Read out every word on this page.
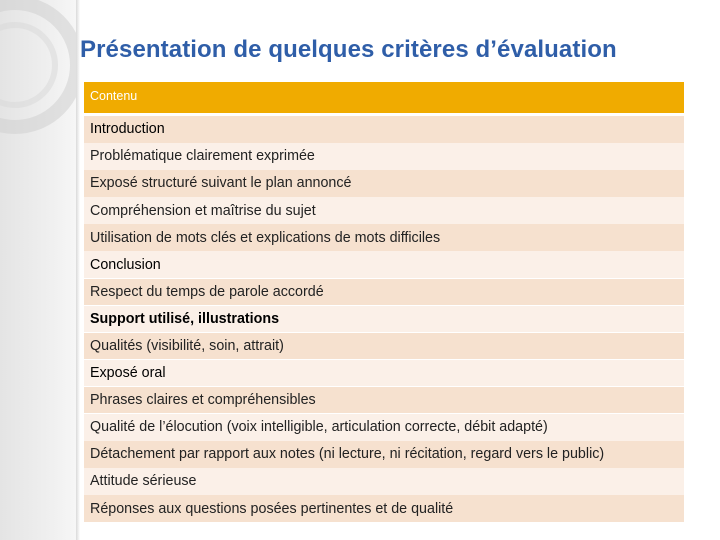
Présentation de quelques critères d’évaluation
Contenu
Introduction
Problématique clairement exprimée
Exposé structuré suivant le plan annoncé
Compréhension et maîtrise du sujet
Utilisation de mots clés et explications de mots difficiles
Conclusion
Respect du temps de parole accordé
Support utilisé, illustrations
Qualités (visibilité, soin, attrait)
Exposé oral
Phrases claires et compréhensibles
Qualité de l’élocution (voix intelligible, articulation correcte, débit adapté)
Détachement par rapport aux notes (ni lecture, ni récitation, regard vers le public)
Attitude sérieuse
Réponses aux questions posées pertinentes et de qualité
